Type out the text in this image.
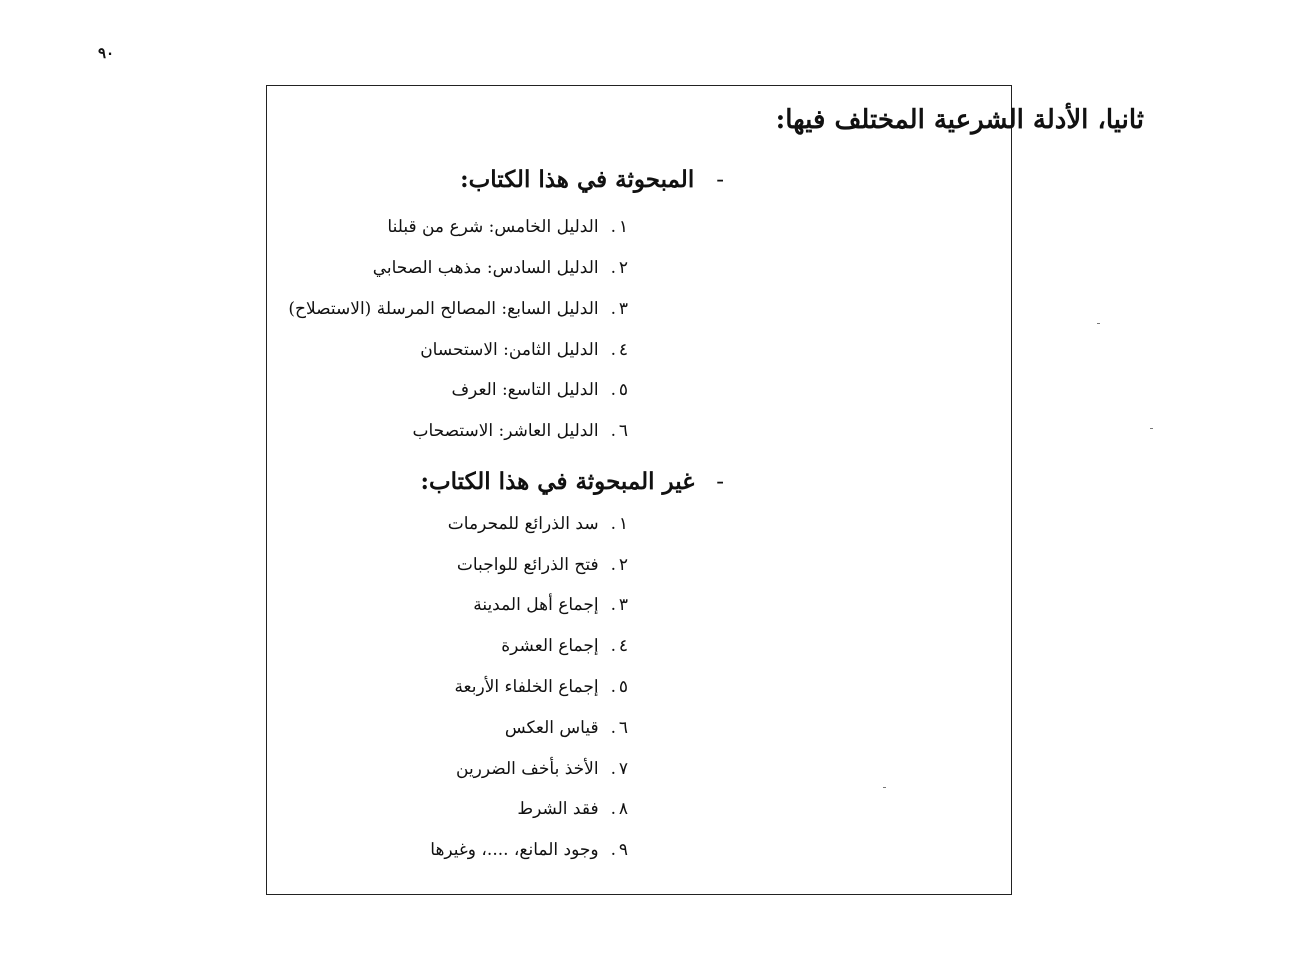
٩٠
ثانيا، الأدلة الشرعية المختلف فيها:
-المبحوثة في هذا الكتاب:
١.الدليل الخامس: شرع من قبلنا
٢.الدليل السادس: مذهب الصحابي
٣.الدليل السابع: المصالح المرسلة (الاستصلاح)
٤.الدليل الثامن: الاستحسان
٥.الدليل التاسع: العرف
٦.الدليل العاشر: الاستصحاب
-غير المبحوثة في هذا الكتاب:
١.سد الذرائع للمحرمات
٢.فتح الذرائع للواجبات
٣.إجماع أهل المدينة
٤.إجماع العشرة
٥.إجماع الخلفاء الأربعة
٦.قياس العكس
٧.الأخذ بأخف الضررين
٨.فقد الشرط
٩.وجود المانع، ....، وغيرها
